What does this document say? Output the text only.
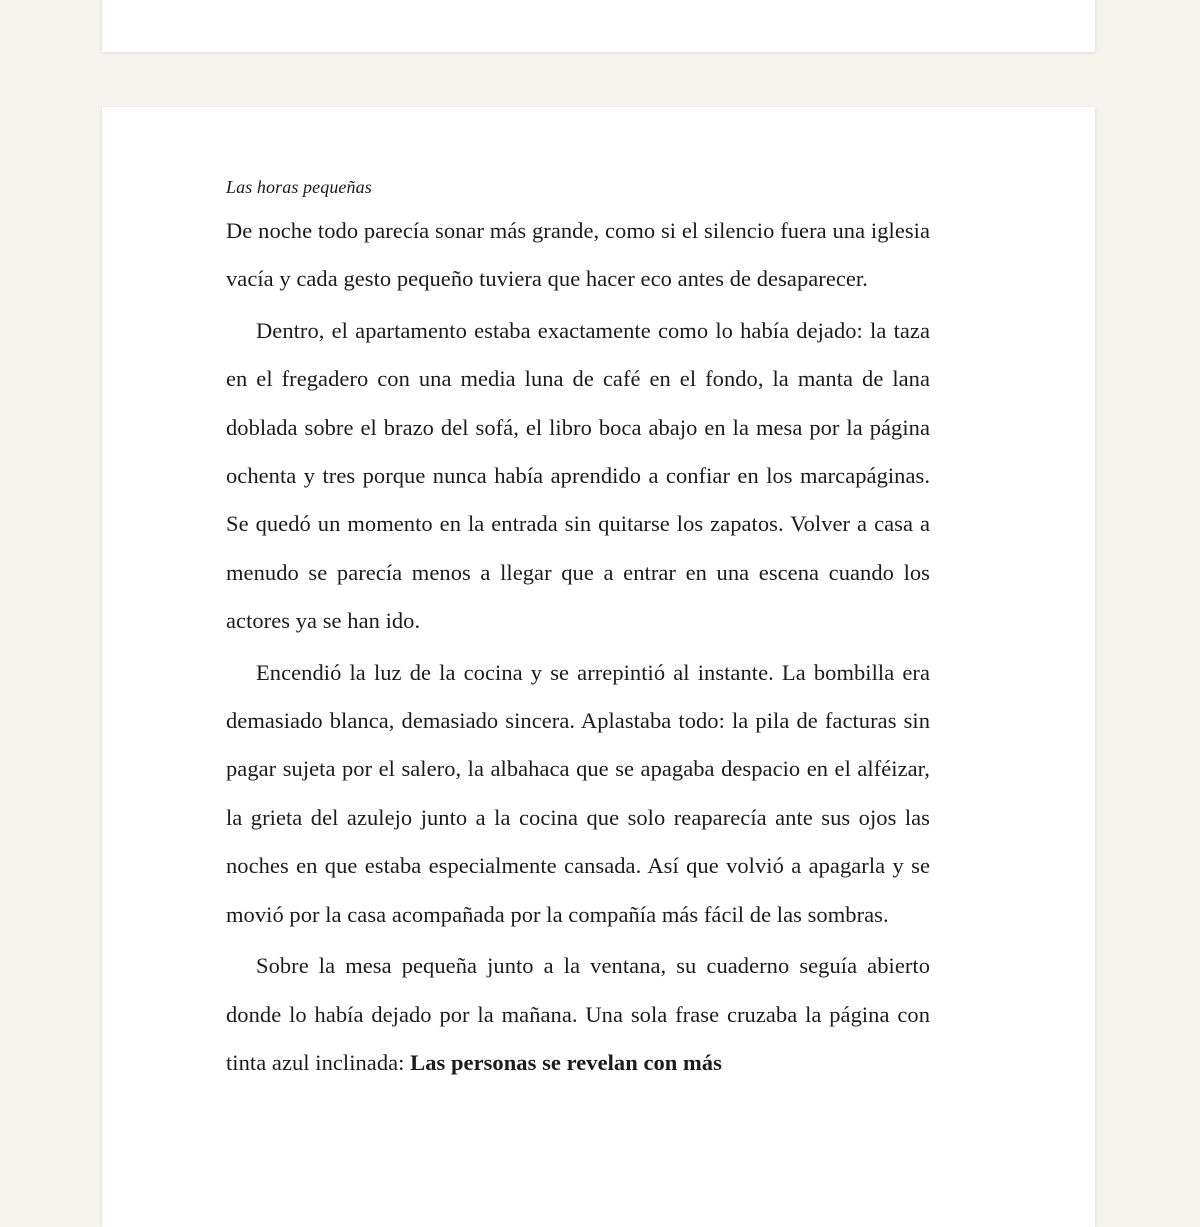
Las horas pequeñas

De noche todo parecía sonar más grande, como si el silencio fuera una iglesia vacía y cada gesto pequeño tuviera que hacer eco antes de desaparecer.

Dentro, el apartamento estaba exactamente como lo había dejado: la taza en el fregadero con una media luna de café en el fondo, la manta de lana doblada sobre el brazo del sofá, el libro boca abajo en la mesa por la página ochenta y tres porque nunca había aprendido a confiar en los marcapáginas. Se quedó un momento en la entrada sin quitarse los zapatos. Volver a casa a menudo se parecía menos a llegar que a entrar en una escena cuando los actores ya se han ido.

Encendió la luz de la cocina y se arrepintió al instante. La bombilla era demasiado blanca, demasiado sincera. Aplastaba todo: la pila de facturas sin pagar sujeta por el salero, la albahaca que se apagaba despacio en el alféizar, la grieta del azulejo junto a la cocina que solo reaparecía ante sus ojos las noches en que estaba especialmente cansada. Así que volvió a apagarla y se movió por la casa acompañada por la compañía más fácil de las sombras.

Sobre la mesa pequeña junto a la ventana, su cuaderno seguía abierto donde lo había dejado por la mañana. Una sola frase cruzaba la página con tinta azul inclinada: Las personas se revelan con más
